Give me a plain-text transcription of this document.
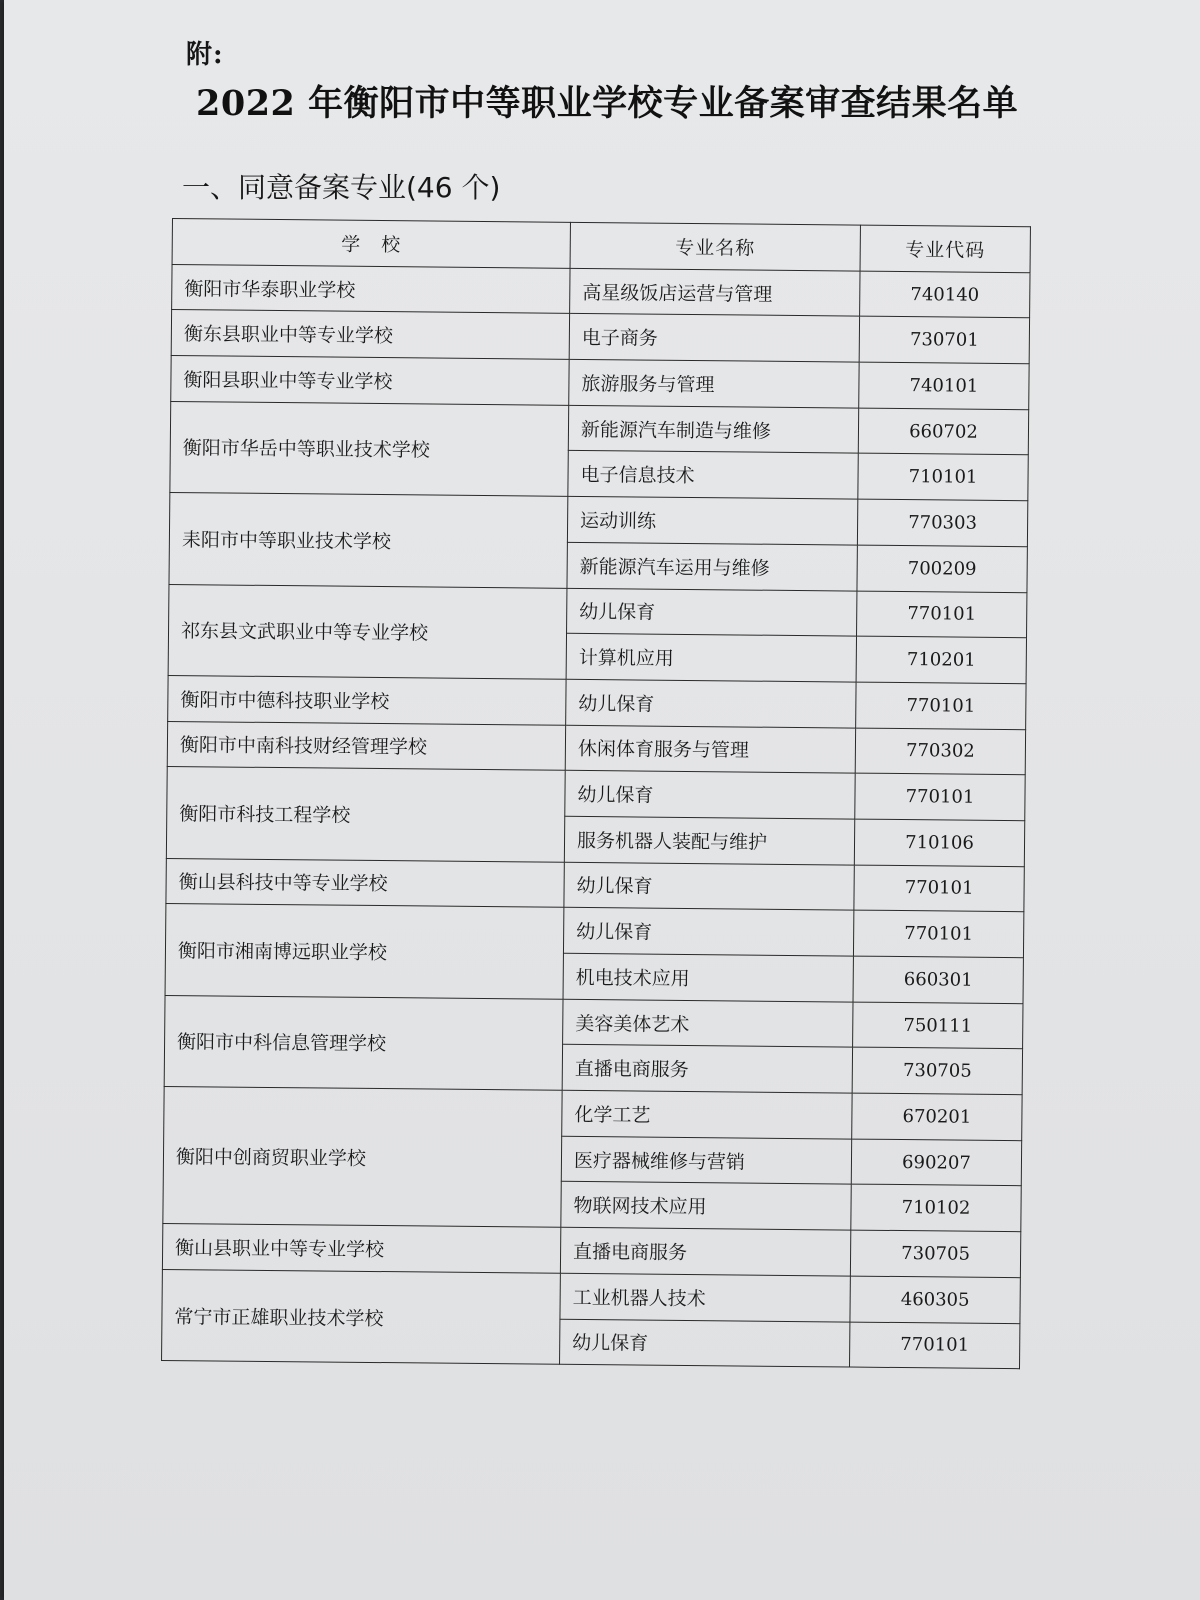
附:
2022 年衡阳市中等职业学校专业备案审查结果名单
一、同意备案专业(46 个)
学　校	专业名称	专业代码
衡阳市华泰职业学校	高星级饭店运营与管理	740140
衡东县职业中等专业学校	电子商务	730701
衡阳县职业中等专业学校	旅游服务与管理	740101
衡阳市华岳中等职业技术学校	新能源汽车制造与维修	660702
	电子信息技术	710101
耒阳市中等职业技术学校	运动训练	770303
	新能源汽车运用与维修	700209
祁东县文武职业中等专业学校	幼儿保育	770101
	计算机应用	710201
衡阳市中德科技职业学校	幼儿保育	770101
衡阳市中南科技财经管理学校	休闲体育服务与管理	770302
衡阳市科技工程学校	幼儿保育	770101
	服务机器人装配与维护	710106
衡山县科技中等专业学校	幼儿保育	770101
衡阳市湘南博远职业学校	幼儿保育	770101
	机电技术应用	660301
衡阳市中科信息管理学校	美容美体艺术	750111
	直播电商服务	730705
衡阳中创商贸职业学校	化学工艺	670201
	医疗器械维修与营销	690207
	物联网技术应用	710102
衡山县职业中等专业学校	直播电商服务	730705
常宁市正雄职业技术学校	工业机器人技术	460305
	幼儿保育	770101
